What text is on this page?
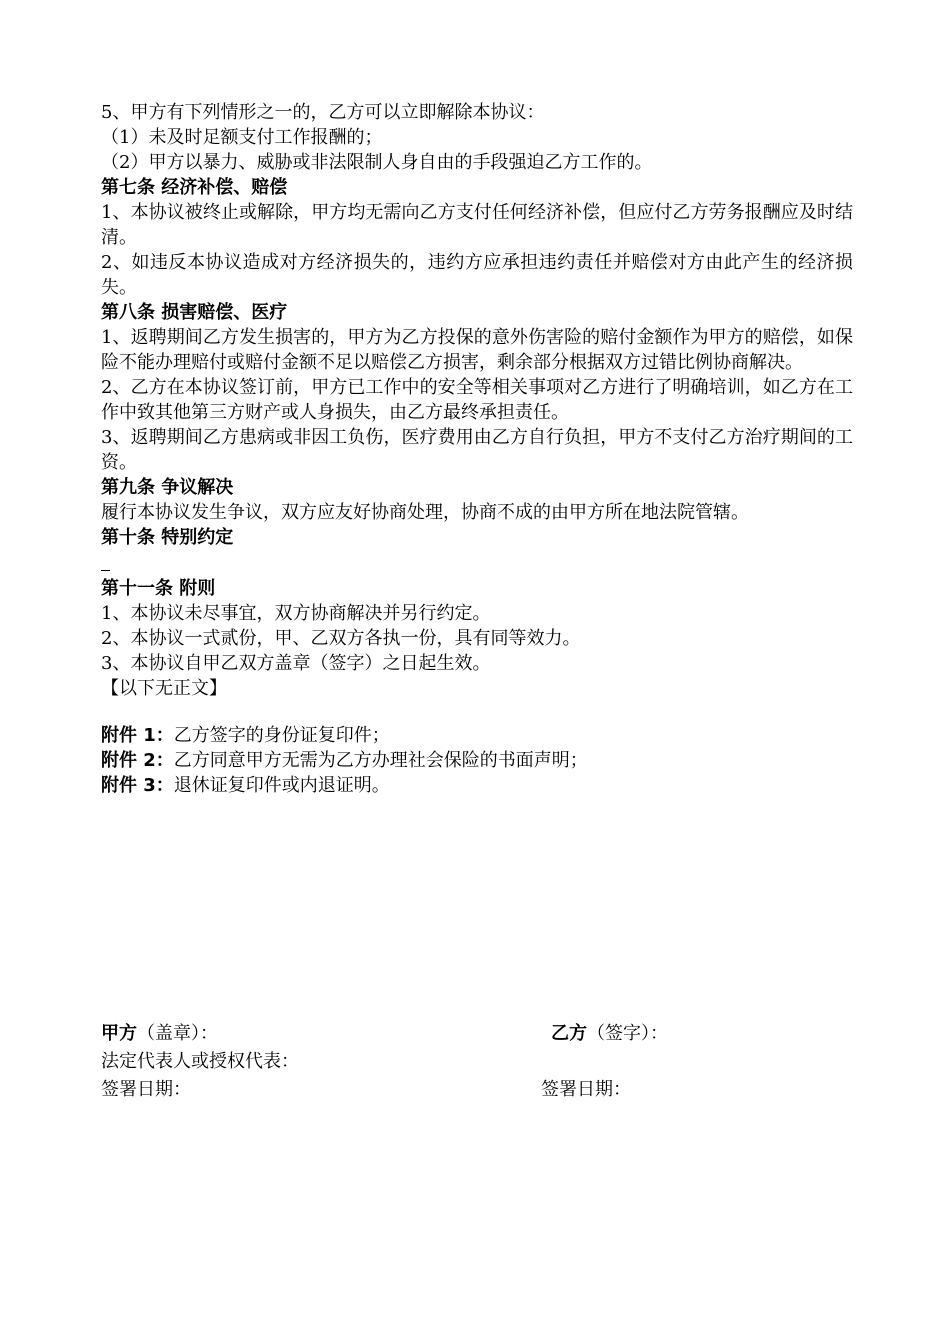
5、甲方有下列情形之一的，乙方可以立即解除本协议：
（1）未及时足额支付工作报酬的；
（2）甲方以暴力、威胁或非法限制人身自由的手段强迫乙方工作的。
第七条 经济补偿、赔偿
1、本协议被终止或解除，甲方均无需向乙方支付任何经济补偿，但应付乙方劳务报酬应及时结清。
2、如违反本协议造成对方经济损失的，违约方应承担违约责任并赔偿对方由此产生的经济损失。
第八条 损害赔偿、医疗
1、返聘期间乙方发生损害的，甲方为乙方投保的意外伤害险的赔付金额作为甲方的赔偿，如保险不能办理赔付或赔付金额不足以赔偿乙方损害，剩余部分根据双方过错比例协商解决。
2、乙方在本协议签订前，甲方已工作中的安全等相关事项对乙方进行了明确培训，如乙方在工作中致其他第三方财产或人身损失，由乙方最终承担责任。
3、返聘期间乙方患病或非因工负伤，医疗费用由乙方自行负担，甲方不支付乙方治疗期间的工资。
第九条 争议解决
履行本协议发生争议，双方应友好协商处理，协商不成的由甲方所在地法院管辖。
第十条 特别约定
第十一条 附则
1、本协议未尽事宜，双方协商解决并另行约定。
2、本协议一式贰份，甲、乙双方各执一份，具有同等效力。
3、本协议自甲乙双方盖章（签字）之日起生效。
【以下无正文】
附件 1：乙方签字的身份证复印件；
附件 2：乙方同意甲方无需为乙方办理社会保险的书面声明；
附件 3：退休证复印件或内退证明。
甲方（盖章）：
法定代表人或授权代表：
签署日期：
乙方（签字）：
签署日期：
